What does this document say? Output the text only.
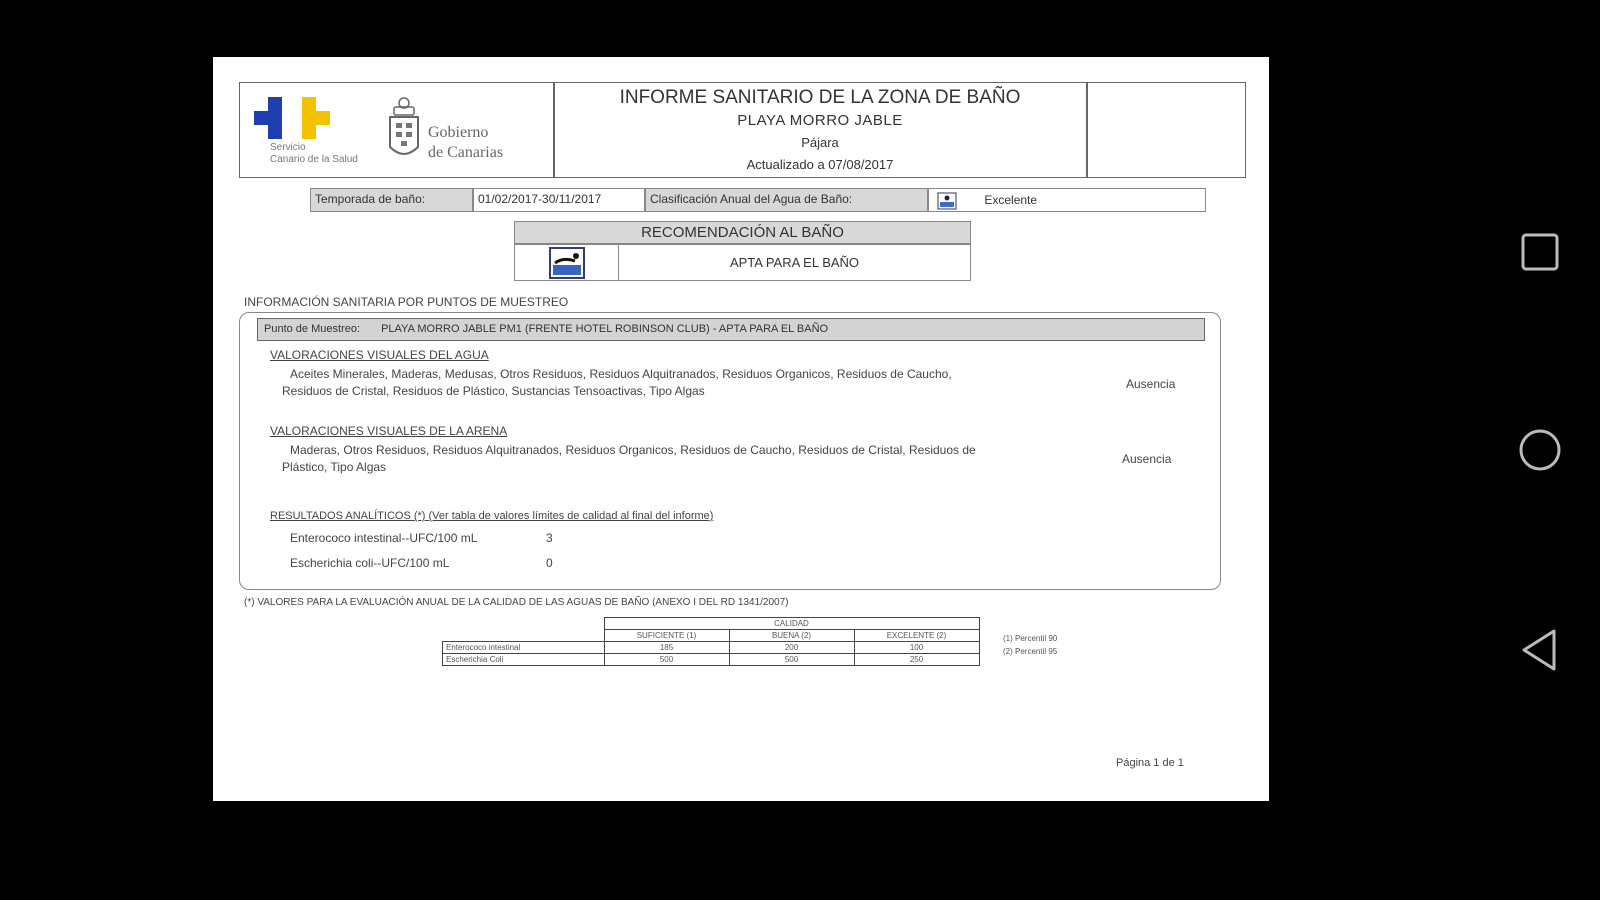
Servicio
Canario de la Salud
Gobierno
de Canarias
INFORME SANITARIO DE LA ZONA DE BAÑO
PLAYA MORRO JABLE
Pájara
Actualizado a 07/08/2017
Temporada de baño:	01/02/2017-30/11/2017	Clasificación Anual del Agua de Baño:	Excelente
RECOMENDACIÓN AL BAÑO
APTA PARA EL BAÑO
INFORMACIÓN SANITARIA POR PUNTOS DE MUESTREO
Punto de Muestreo: PLAYA MORRO JABLE PM1 (FRENTE HOTEL ROBINSON CLUB) - APTA PARA EL BAÑO
VALORACIONES VISUALES DEL AGUA
Aceites Minerales, Maderas, Medusas, Otros Residuos, Residuos Alquitranados, Residuos Organicos, Residuos de Caucho,
Residuos de Cristal, Residuos de Plástico, Sustancias Tensoactivas, Tipo Algas	Ausencia
VALORACIONES VISUALES DE LA ARENA
Maderas, Otros Residuos, Residuos Alquitranados, Residuos Organicos, Residuos de Caucho, Residuos de Cristal, Residuos de
Plástico, Tipo Algas
Ausencia
RESULTADOS ANALÍTICOS (*) (Ver tabla de valores límites de calidad al final del informe)
Enterococo intestinal--UFC/100 mL	3
Escherichia coli--UFC/100 mL	0
(*) VALORES PARA LA EVALUACIÓN ANUAL DE LA CALIDAD DE LAS AGUAS DE BAÑO (ANEXO I DEL RD 1341/2007)
	CALIDAD		
	SUFICIENTE (1)	BUENA (2)	EXCELENTE (2)
Enterococo intestinal	185	200	100
Escherichia Coli	500	500	250
(1) Percentil 90
(2) Percentil 95
Página 1 de 1
